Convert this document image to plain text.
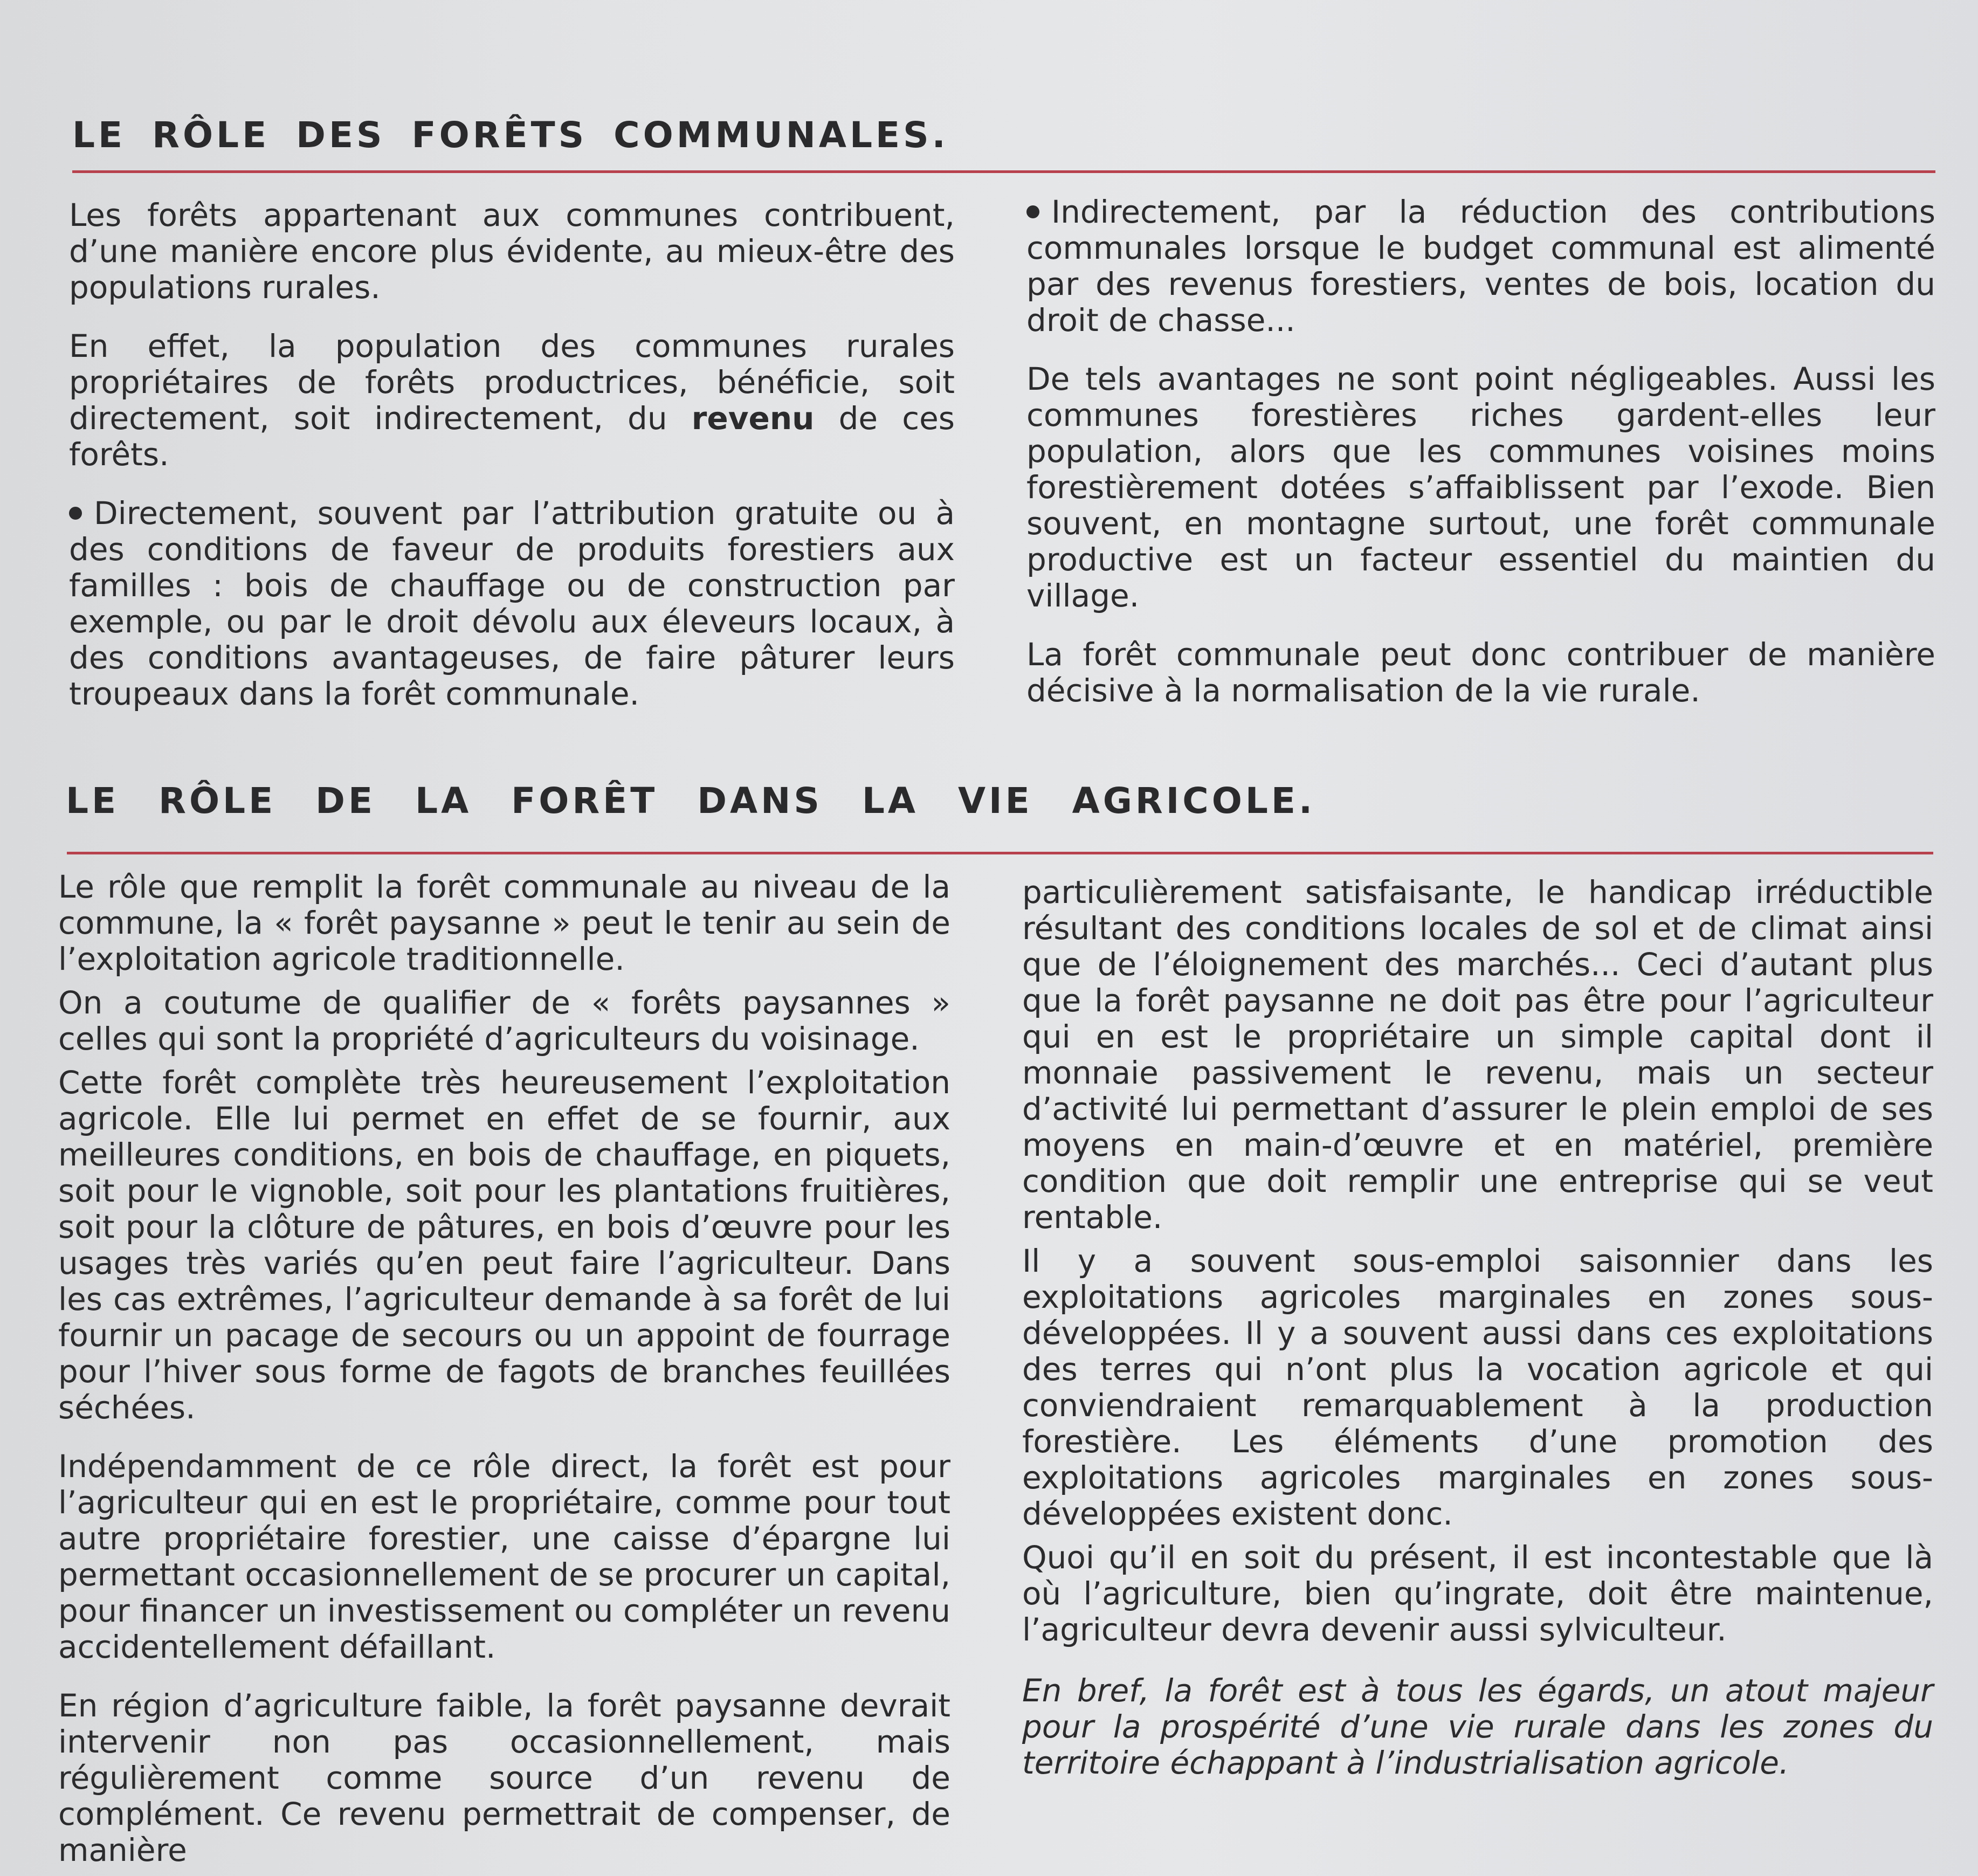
LE RÔLE DES FORÊTS COMMUNALES.

Les forêts appartenant aux communes contribuent, d’une manière encore plus évidente, au mieux-être des populations rurales.

En effet, la population des communes rurales propriétaires de forêts productrices, bénéficie, soit directement, soit indirectement, du revenu de ces forêts.

Directement, souvent par l’attribution gratuite ou à des conditions de faveur de produits forestiers aux familles : bois de chauffage ou de construction par exemple, ou par le droit dévolu aux éleveurs locaux, à des conditions avantageuses, de faire pâturer leurs troupeaux dans la forêt communale.

Indirectement, par la réduction des contributions communales lorsque le budget communal est alimenté par des revenus forestiers, ventes de bois, location du droit de chasse...

De tels avantages ne sont point négligeables. Aussi les communes forestières riches gardent-elles leur population, alors que les communes voisines moins forestièrement dotées s’affaiblissent par l’exode. Bien souvent, en montagne surtout, une forêt communale productive est un facteur essentiel du maintien du village.

La forêt communale peut donc contribuer de manière décisive à la normalisation de la vie rurale.

LE RÔLE DE LA FORÊT DANS LA VIE AGRICOLE.

Le rôle que remplit la forêt communale au niveau de la commune, la « forêt paysanne » peut le tenir au sein de l’exploitation agricole traditionnelle.

On a coutume de qualifier de « forêts paysannes » celles qui sont la propriété d’agriculteurs du voisinage.

Cette forêt complète très heureusement l’exploitation agricole. Elle lui permet en effet de se fournir, aux meilleures conditions, en bois de chauffage, en piquets, soit pour le vignoble, soit pour les plantations fruitières, soit pour la clôture de pâtures, en bois d’œuvre pour les usages très variés qu’en peut faire l’agriculteur. Dans les cas extrêmes, l’agriculteur demande à sa forêt de lui fournir un pacage de secours ou un appoint de fourrage pour l’hiver sous forme de fagots de branches feuillées séchées.

Indépendamment de ce rôle direct, la forêt est pour l’agriculteur qui en est le propriétaire, comme pour tout autre propriétaire forestier, une caisse d’épargne lui permettant occasionnellement de se procurer un capital, pour financer un investissement ou compléter un revenu accidentellement défaillant.

En région d’agriculture faible, la forêt paysanne devrait intervenir non pas occasionnellement, mais régulièrement comme source d’un revenu de complément. Ce revenu permettrait de compenser, de manière

particulièrement satisfaisante, le handicap irréductible résultant des conditions locales de sol et de climat ainsi que de l’éloignement des marchés... Ceci d’autant plus que la forêt paysanne ne doit pas être pour l’agriculteur qui en est le propriétaire un simple capital dont il monnaie passivement le revenu, mais un secteur d’activité lui permettant d’assurer le plein emploi de ses moyens en main-d’œuvre et en matériel, première condition que doit remplir une entreprise qui se veut rentable.

Il y a souvent sous-emploi saisonnier dans les exploitations agricoles marginales en zones sous-développées. Il y a souvent aussi dans ces exploitations des terres qui n’ont plus la vocation agricole et qui conviendraient remarquablement à la production forestière. Les éléments d’une promotion des exploitations agricoles marginales en zones sous-développées existent donc.

Quoi qu’il en soit du présent, il est incontestable que là où l’agriculture, bien qu’ingrate, doit être maintenue, l’agriculteur devra devenir aussi sylviculteur.

En bref, la forêt est à tous les égards, un atout majeur pour la prospérité d’une vie rurale dans les zones du territoire échappant à l’industrialisation agricole.
